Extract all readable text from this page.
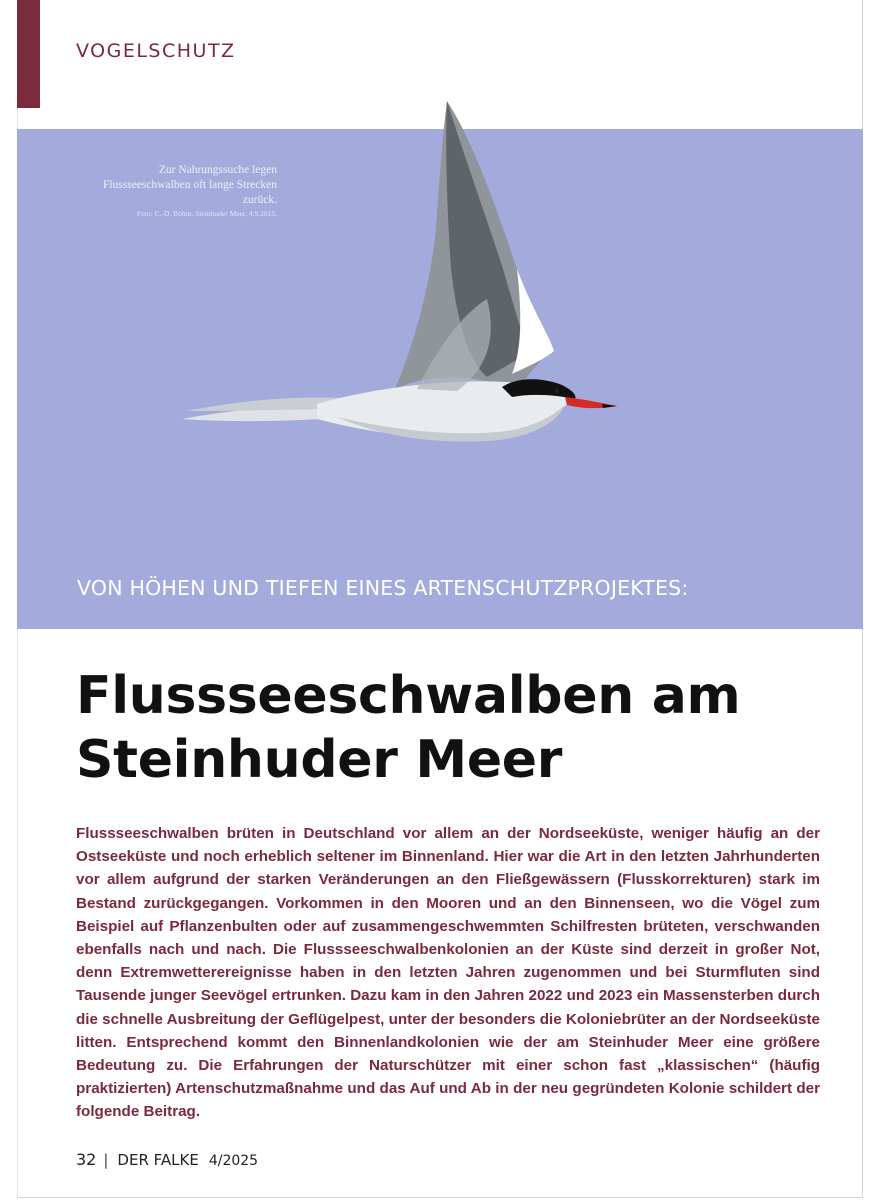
VOGELSCHUTZ
Zur Nahrungssuche legen Flussseeschwalben oft lange Strecken zurück.
Foto: C.-D. Böhm, Steinhuder Meer, 4.9.2015.
VON HÖHEN UND TIEFEN EINES ARTENSCHUTZPROJEKTES:
Flussseeschwalben am
Steinhuder Meer

Flussseeschwalben brüten in Deutschland vor allem an der Nordseeküste, weniger häufig an der Ostseeküste und noch erheblich seltener im Binnenland. Hier war die Art in den letzten Jahrhunderten vor allem aufgrund der starken Veränderungen an den Fließgewässern (Flusskorrekturen) stark im Bestand zurückgegangen. Vorkommen in den Mooren und an den Binnenseen, wo die Vögel zum Beispiel auf Pflanzenbulten oder auf zusammengeschwemmten Schilfresten brüteten, verschwanden ebenfalls nach und nach. Die Flussseeschwalbenkolonien an der Küste sind derzeit in großer Not, denn Extremwetterereignisse haben in den letzten Jahren zugenommen und bei Sturmfluten sind Tausende junger Seevögel ertrunken. Dazu kam in den Jahren 2022 und 2023 ein Massensterben durch die schnelle Ausbreitung der Geflügelpest, unter der besonders die Koloniebrüter an der Nordseeküste litten. Entsprechend kommt den Binnenlandkolonien wie der am Steinhuder Meer eine größere Bedeutung zu. Die Erfahrungen der Naturschützer mit einer schon fast „klassischen“ (häufig praktizierten) Artenschutzmaßnahme und das Auf und Ab in der neu gegründeten Kolonie schildert der folgende Beitrag.

32 | DER FALKE 4/2025
